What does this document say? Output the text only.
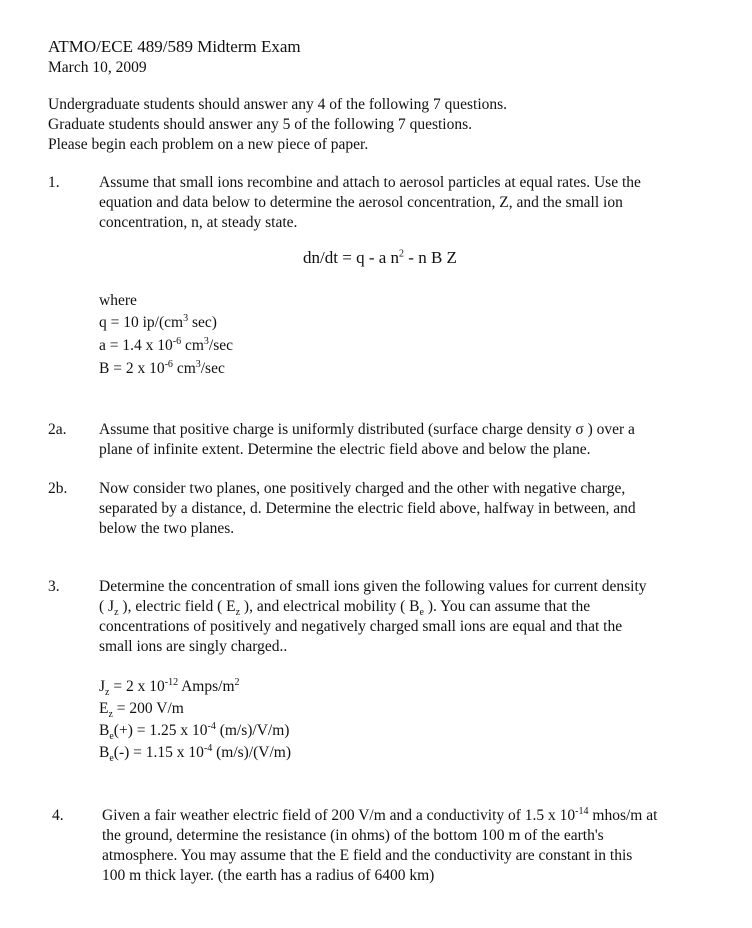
ATMO/ECE 489/589 Midterm Exam
March 10, 2009

Undergraduate students should answer any 4 of the following 7 questions.

Graduate students should answer any 5 of the following 7 questions.

Please begin each problem on a new piece of paper.

1.	Assume that small ions recombine and attach to aerosol particles at equal rates. Use the

equation and data below to determine the aerosol concentration, Z, and the small ion

concentration, n, at steady state.

dn/dt = q - a $n^2$ - n B Z

where

q = 10 $ip/(cm^3$ sec)

a = 1.4 x $10^{-6}$ $cm^3/\sec$

B = 2 x $10^{-6}$ $cm^3/\sec$

2a.	Assume that positive charge is uniformly distributed (surface charge density σ ) over a

plane of infinite extent. Determine the electric field above and below the plane.

2b.	Now consider two planes, one positively charged and the other with negative charge,

separated by a distance, d. Determine the electric field above, halfway in between, and

below the two planes.

3.	Determine the concentration of small ions given the following values for current density

( $J_z$ ), electric field ( $E_z$ ), and electrical mobility ( $B_e$ ). You can assume that the

concentrations of positively and negatively charged small ions are equal and that the

small ions are singly charged..

$J_z = 2$ x $10^{-12}$ Amps/$m^2$

$E_z = 200$ V/m

$B_e(+) = 1.25$ x $10^{-4}$ (m/s)/V/m)

$B_e(-) = 1.15$ x $10^{-4}$ (m/s)/(V/m)

4.	Given a fair weather electric field of 200 V/m and a conductivity of 1.5 x $10^{-14}$ mhos/m at

the ground, determine the resistance (in ohms) of the bottom 100 m of the earth's

atmosphere. You may assume that the E field and the conductivity are constant in this

100 m thick layer. (the earth has a radius of 6400 km)
